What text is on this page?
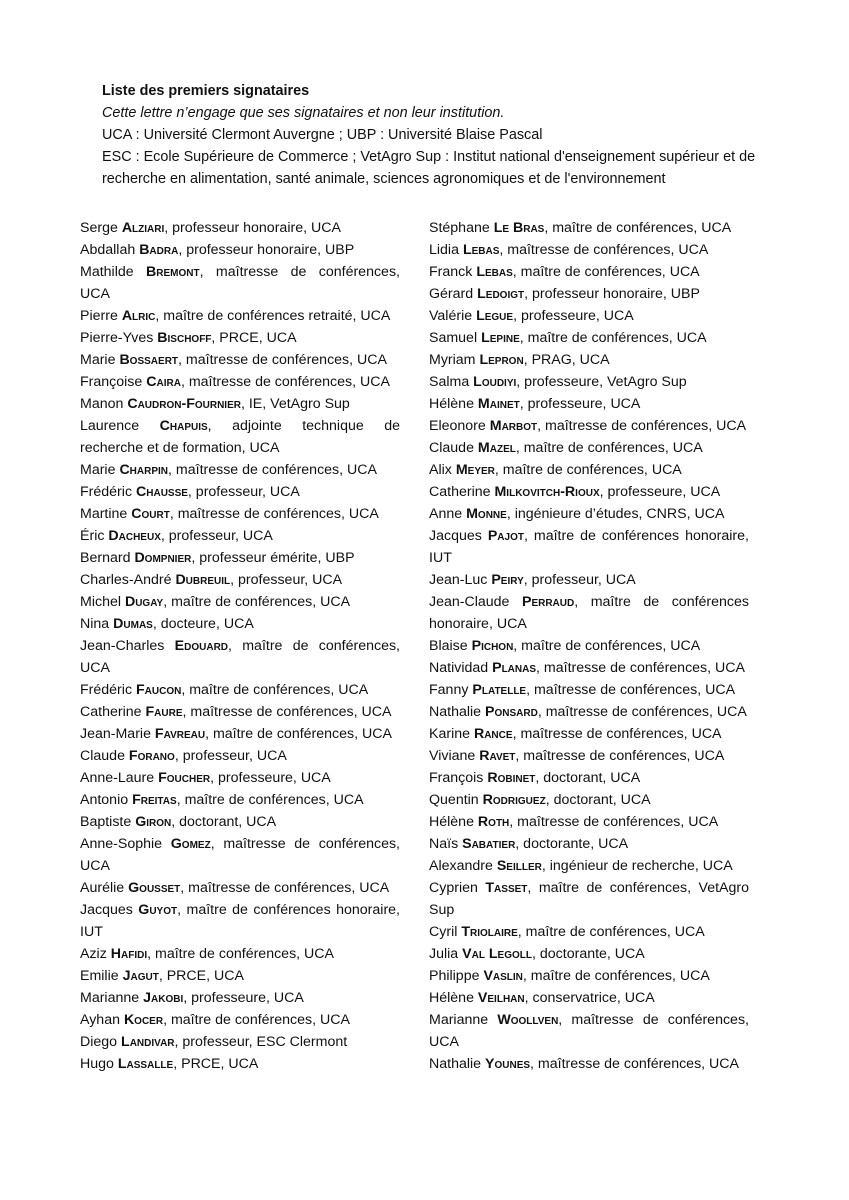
Liste des premiers signataires
Cette lettre n’engage que ses signataires et non leur institution.
UCA : Université Clermont Auvergne ; UBP : Université Blaise Pascal
ESC : Ecole Supérieure de Commerce ; VetAgro Sup : Institut national d'enseignement supérieur et de recherche en alimentation, santé animale, sciences agronomiques et de l'environnement
Serge Alziari, professeur honoraire, UCA
Abdallah Badra, professeur honoraire, UBP
Mathilde Bremont, maîtresse de conférences, UCA
Pierre Alric, maître de conférences retraité, UCA
Pierre-Yves Bischoff, PRCE, UCA
Marie Bossaert, maîtresse de conférences, UCA
Françoise Caira, maîtresse de conférences, UCA
Manon Caudron-Fournier, IE, VetAgro Sup
Laurence Chapuis, adjointe technique de recherche et de formation, UCA
Marie Charpin, maîtresse de conférences, UCA
Frédéric Chausse, professeur, UCA
Martine Court, maîtresse de conférences, UCA
Éric Dacheux, professeur, UCA
Bernard Dompnier, professeur émérite, UBP
Charles-André Dubreuil, professeur, UCA
Michel Dugay, maître de conférences, UCA
Nina Dumas, docteure, UCA
Jean-Charles Edouard, maître de conférences, UCA
Frédéric Faucon, maître de conférences, UCA
Catherine Faure, maîtresse de conférences, UCA
Jean-Marie Favreau, maître de conférences, UCA
Claude Forano, professeur, UCA
Anne-Laure Foucher, professeure, UCA
Antonio Freitas, maître de conférences, UCA
Baptiste Giron, doctorant, UCA
Anne-Sophie Gomez, maîtresse de conférences, UCA
Aurélie Gousset, maîtresse de conférences, UCA
Jacques Guyot, maître de conférences honoraire, IUT
Aziz Hafidi, maître de conférences, UCA
Emilie Jagut, PRCE, UCA
Marianne Jakobi, professeure, UCA
Ayhan Kocer, maître de conférences, UCA
Diego Landivar, professeur, ESC Clermont
Hugo Lassalle, PRCE, UCA
Stéphane Le Bras, maître de conférences, UCA
Lidia Lebas, maîtresse de conférences, UCA
Franck Lebas, maître de conférences, UCA
Gérard Ledoigt, professeur honoraire, UBP
Valérie Legue, professeure, UCA
Samuel Lepine, maître de conférences, UCA
Myriam Lepron, PRAG, UCA
Salma Loudiyi, professeure, VetAgro Sup
Hélène Mainet, professeure, UCA
Eleonore Marbot, maîtresse de conférences, UCA
Claude Mazel, maître de conférences, UCA
Alix Meyer, maître de conférences, UCA
Catherine Milkovitch-Rioux, professeure, UCA
Anne Monne, ingénieure d’études, CNRS, UCA
Jacques Pajot, maître de conférences honoraire, IUT
Jean-Luc Peiry, professeur, UCA
Jean-Claude Perraud, maître de conférences honoraire, UCA
Blaise Pichon, maître de conférences, UCA
Natividad Planas, maîtresse de conférences, UCA
Fanny Platelle, maîtresse de conférences, UCA
Nathalie Ponsard, maîtresse de conférences, UCA
Karine Rance, maîtresse de conférences, UCA
Viviane Ravet, maîtresse de conférences, UCA
François Robinet, doctorant, UCA
Quentin Rodriguez, doctorant, UCA
Hélène Roth, maîtresse de conférences, UCA
Naïs Sabatier, doctorante, UCA
Alexandre Seiller, ingénieur de recherche, UCA
Cyprien Tasset, maître de conférences, VetAgro Sup
Cyril Triolaire, maître de conférences, UCA
Julia Val Legoll, doctorante, UCA
Philippe Vaslin, maître de conférences, UCA
Hélène Veilhan, conservatrice, UCA
Marianne Woollven, maîtresse de conférences, UCA
Nathalie Younes, maîtresse de conférences, UCA
